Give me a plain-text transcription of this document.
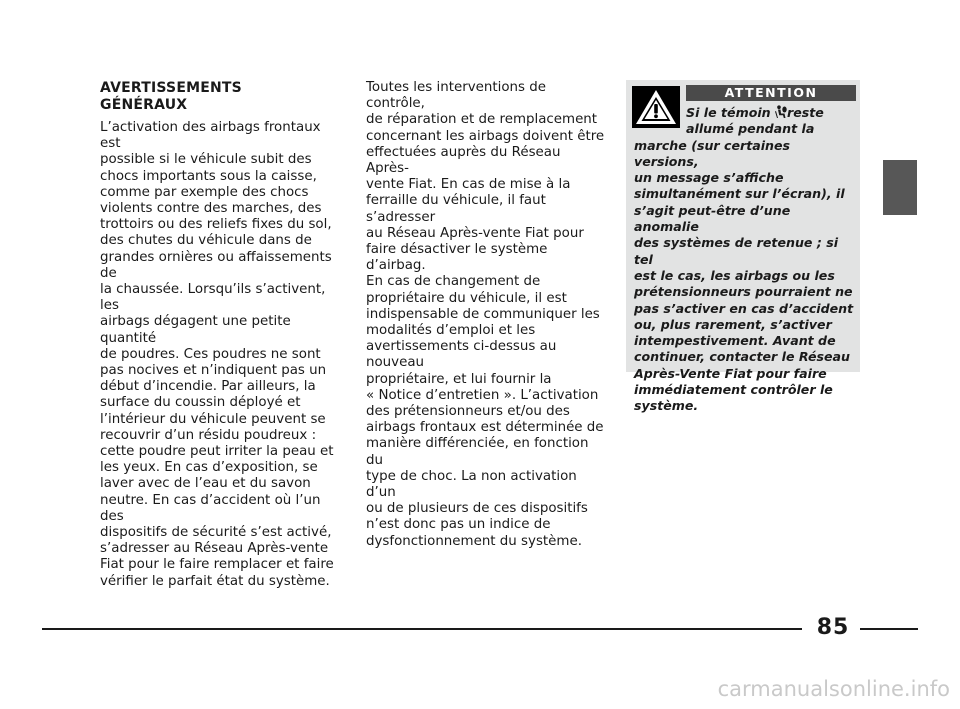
AVERTISSEMENTS
GÉNÉRAUX

L’activation des airbags frontaux est

possible si le véhicule subit des

chocs importants sous la caisse,

comme par exemple des chocs

violents contre des marches, des

trottoirs ou des reliefs fixes du sol,

des chutes du véhicule dans de

grandes ornières ou affaissements de

la chaussée. Lorsqu’ils s’activent, les

airbags dégagent une petite quantité

de poudres. Ces poudres ne sont

pas nocives et n’indiquent pas un

début d’incendie. Par ailleurs, la

surface du coussin déployé et

l’intérieur du véhicule peuvent se

recouvrir d’un résidu poudreux :

cette poudre peut irriter la peau et

les yeux. En cas d’exposition, se

laver avec de l’eau et du savon

neutre. En cas d’accident où l’un des

dispositifs de sécurité s’est activé,

s’adresser au Réseau Après-vente

Fiat pour le faire remplacer et faire

vérifier le parfait état du système.

Toutes les interventions de contrôle,

de réparation et de remplacement

concernant les airbags doivent être

effectuées auprès du Réseau Après-

vente Fiat. En cas de mise à la

ferraille du véhicule, il faut s’adresser

au Réseau Après-vente Fiat pour

faire désactiver le système d’airbag.

En cas de changement de

propriétaire du véhicule, il est

indispensable de communiquer les

modalités d’emploi et les

avertissements ci-dessus au nouveau

propriétaire, et lui fournir la

« Notice d’entretien ». L’activation

des prétensionneurs et/ou des

airbags frontaux est déterminée de

manière différenciée, en fonction du

type de choc. La non activation d’un

ou de plusieurs de ces dispositifs

n’est donc pas un indice de

dysfonctionnement du système.

ATTENTION
Si le témoin reste
allumé pendant la
marche (sur certaines versions,
un message s’affiche
simultanément sur l’écran), il
s’agit peut-être d’une anomalie
des systèmes de retenue ; si tel
est le cas, les airbags ou les
prétensionneurs pourraient ne
pas s’activer en cas d’accident
ou, plus rarement, s’activer
intempestivement. Avant de
continuer, contacter le Réseau
Après-Vente Fiat pour faire
immédiatement contrôler le
système.
85
carmanualsonline.info
